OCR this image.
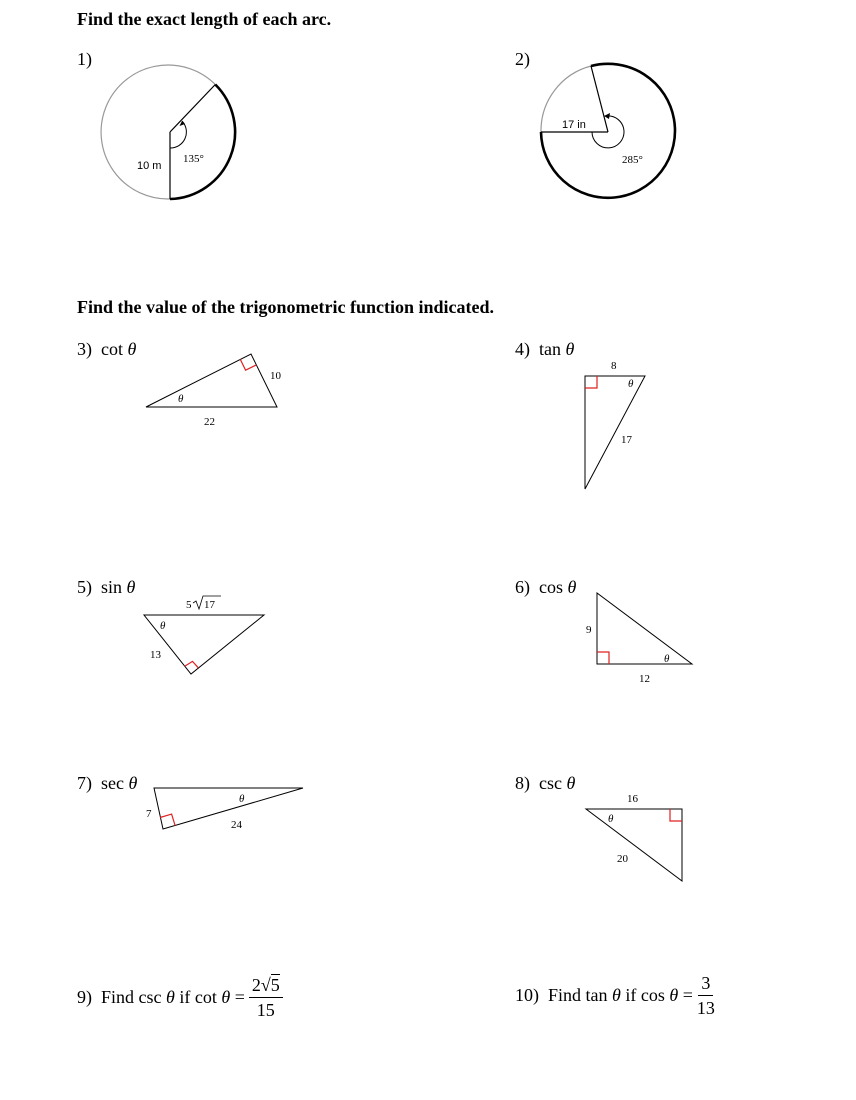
Find the exact length of each arc.
1)
10 m
135°
2)
17 in
285°
Find the value of the trigonometric function indicated.
3) cot θ
10
22
θ
4) tan θ
8
17
θ
5) sin θ
5 17
13
θ
6) cos θ
9
12
θ
7) sec θ
7
24
θ
8) csc θ
16
20
θ
9)
Find csc
θ
if cot
θ
= $\frac{2√5}{15}$	10)
Find tan
θ
if cos
θ
= $\frac{3}{13}$
